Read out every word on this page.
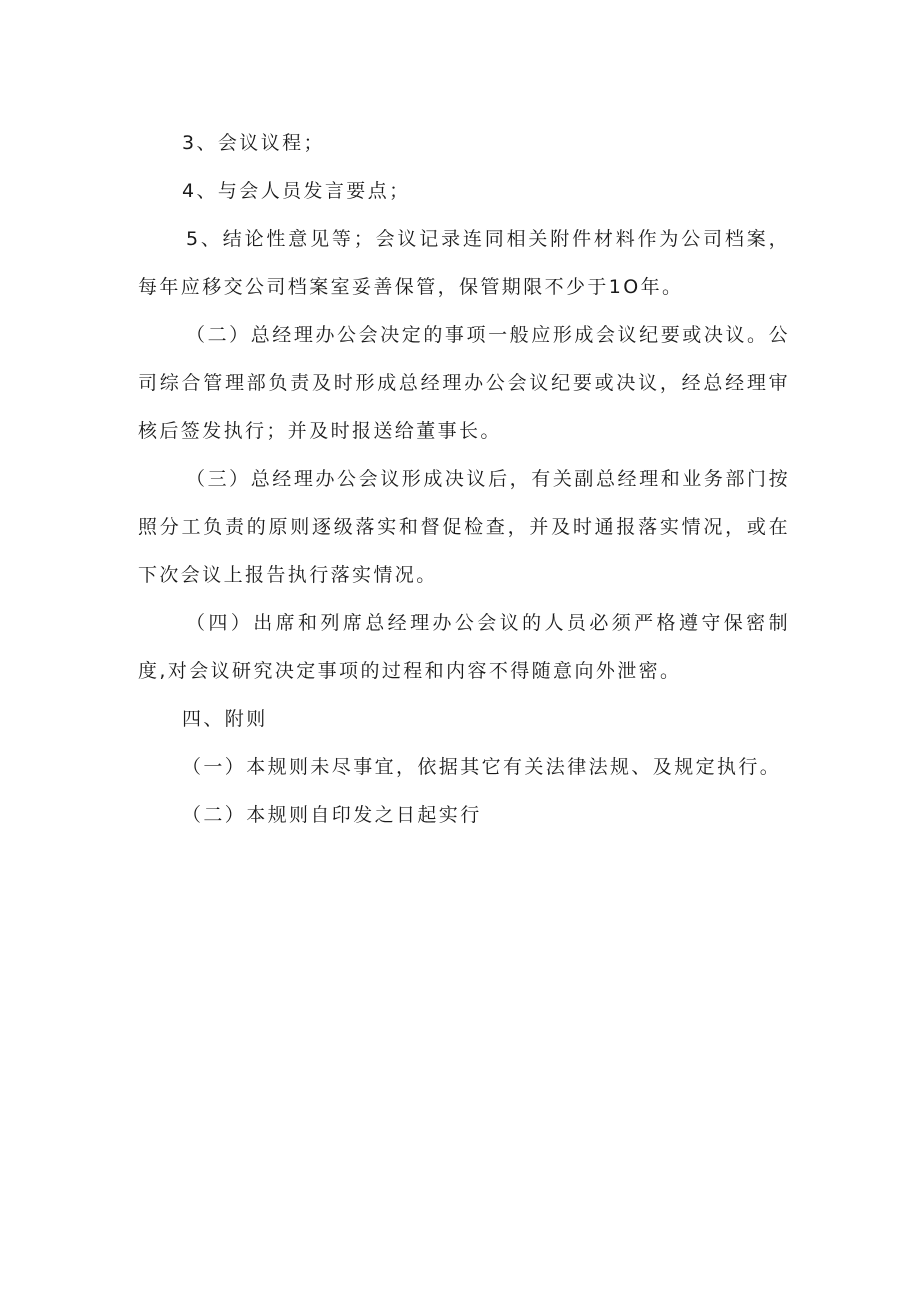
3、会议议程；

4、与会人员发言要点；

5、结论性意见等；会议记录连同相关附件材料作为公司档案，每年应移交公司档案室妥善保管，保管期限不少于1O年。

（二）总经理办公会决定的事项一般应形成会议纪要或决议。公司综合管理部负责及时形成总经理办公会议纪要或决议，经总经理审核后签发执行；并及时报送给董事长。

（三）总经理办公会议形成决议后，有关副总经理和业务部门按照分工负责的原则逐级落实和督促检查，并及时通报落实情况，或在下次会议上报告执行落实情况。

（四）出席和列席总经理办公会议的人员必须严格遵守保密制度,对会议研究决定事项的过程和内容不得随意向外泄密。

四、附则

（一）本规则未尽事宜，依据其它有关法律法规、及规定执行。

（二）本规则自印发之日起实行
